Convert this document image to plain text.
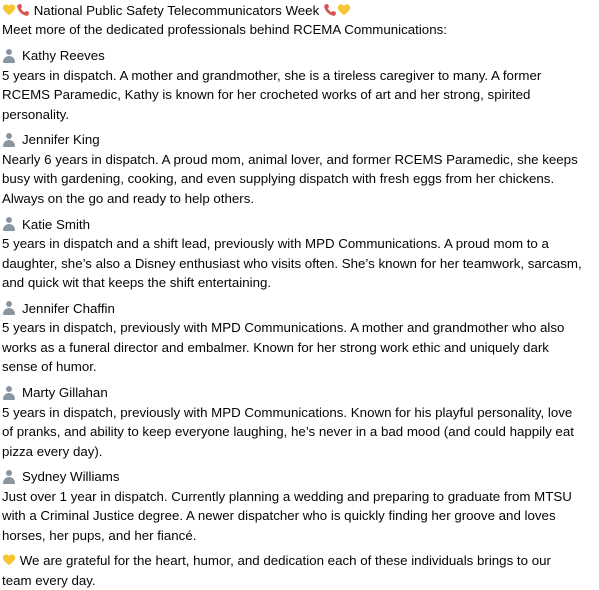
National Public Safety Telecommunicators Week
Meet more of the dedicated professionals behind RCEMA Communications:
Kathy Reeves
5 years in dispatch. A mother and grandmother, she is a tireless caregiver to many. A former
RCEMS Paramedic, Kathy is known for her crocheted works of art and her strong, spirited
personality.
Jennifer King
Nearly 6 years in dispatch. A proud mom, animal lover, and former RCEMS Paramedic, she keeps
busy with gardening, cooking, and even supplying dispatch with fresh eggs from her chickens.
Always on the go and ready to help others.
Katie Smith
5 years in dispatch and a shift lead, previously with MPD Communications. A proud mom to a
daughter, she’s also a Disney enthusiast who visits often. She’s known for her teamwork, sarcasm,
and quick wit that keeps the shift entertaining.
Jennifer Chaffin
5 years in dispatch, previously with MPD Communications. A mother and grandmother who also
works as a funeral director and embalmer. Known for her strong work ethic and uniquely dark
sense of humor.
Marty Gillahan
5 years in dispatch, previously with MPD Communications. Known for his playful personality, love
of pranks, and ability to keep everyone laughing, he’s never in a bad mood (and could happily eat
pizza every day).
Sydney Williams
Just over 1 year in dispatch. Currently planning a wedding and preparing to graduate from MTSU
with a Criminal Justice degree. A newer dispatcher who is quickly finding her groove and loves
horses, her pups, and her fiancé.
We are grateful for the heart, humor, and dedication each of these individuals brings to our
team every day.
